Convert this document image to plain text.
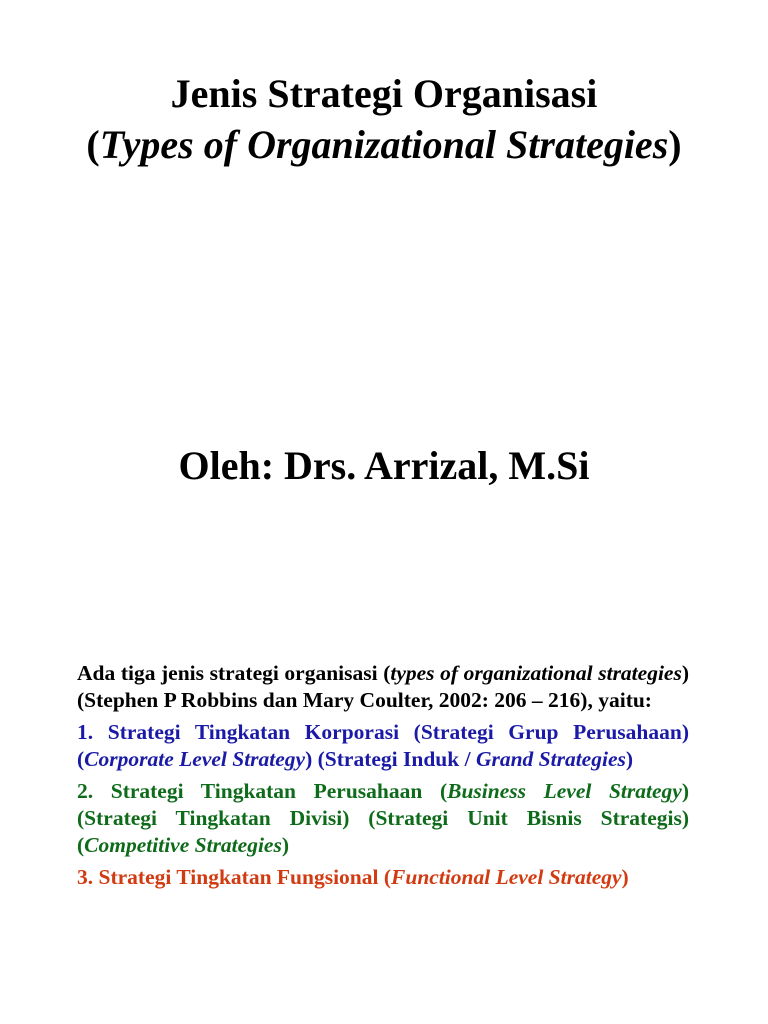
Jenis Strategi Organisasi
(Types of Organizational Strategies)
Oleh: Drs. Arrizal, M.Si

Ada tiga jenis strategi organisasi (types of organizational strategies) (Stephen P Robbins dan Mary Coulter, 2002: 206 – 216), yaitu:

1. Strategi Tingkatan Korporasi (Strategi Grup Perusahaan) (Corporate Level Strategy) (Strategi Induk / Grand Strategies)

2. Strategi Tingkatan Perusahaan (Business Level Strategy) (Strategi Tingkatan Divisi) (Strategi Unit Bisnis Strategis) (Competitive Strategies)

3. Strategi Tingkatan Fungsional (Functional Level Strategy)
